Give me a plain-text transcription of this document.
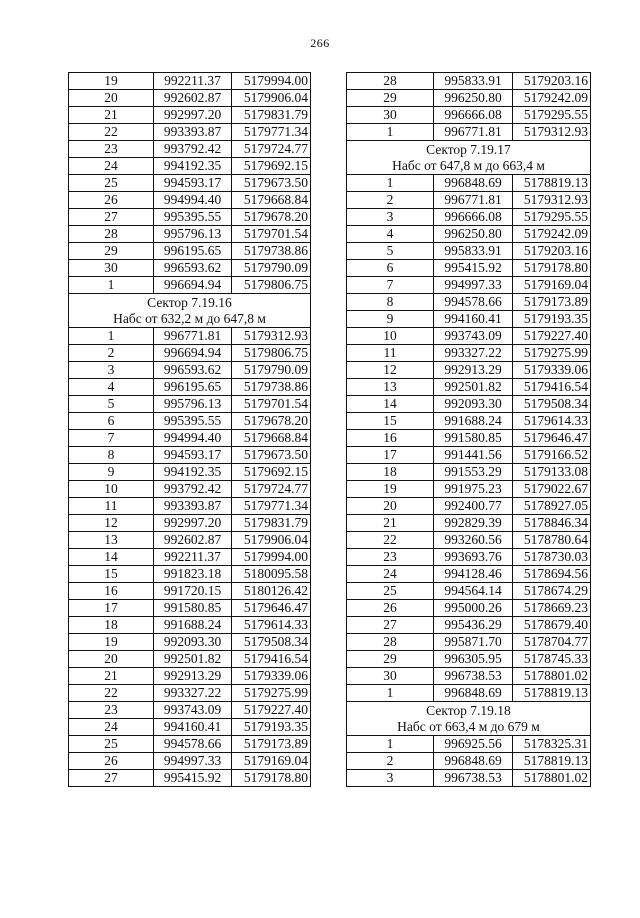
266
19	992211.37	5179994.00
20	992602.87	5179906.04
21	992997.20	5179831.79
22	993393.87	5179771.34
23	993792.42	5179724.77
24	994192.35	5179692.15
25	994593.17	5179673.50
26	994994.40	5179668.84
27	995395.55	5179678.20
28	995796.13	5179701.54
29	996195.65	5179738.86
30	996593.62	5179790.09
1	996694.94	5179806.75

Сектор 7.19.16
Набс от 632,2 м до 647,8 м		

1	996771.81	5179312.93
2	996694.94	5179806.75
3	996593.62	5179790.09
4	996195.65	5179738.86
5	995796.13	5179701.54
6	995395.55	5179678.20
7	994994.40	5179668.84
8	994593.17	5179673.50
9	994192.35	5179692.15
10	993792.42	5179724.77
11	993393.87	5179771.34
12	992997.20	5179831.79
13	992602.87	5179906.04
14	992211.37	5179994.00
15	991823.18	5180095.58
16	991720.15	5180126.42
17	991580.85	5179646.47
18	991688.24	5179614.33
19	992093.30	5179508.34
20	992501.82	5179416.54
21	992913.29	5179339.06
22	993327.22	5179275.99
23	993743.09	5179227.40
24	994160.41	5179193.35
25	994578.66	5179173.89
26	994997.33	5179169.04
27	995415.92	5179178.80
28	995833.91	5179203.16
29	996250.80	5179242.09
30	996666.08	5179295.55
1	996771.81	5179312.93

Сектор 7.19.17
Набс от 647,8 м до 663,4 м		

1	996848.69	5178819.13
2	996771.81	5179312.93
3	996666.08	5179295.55
4	996250.80	5179242.09
5	995833.91	5179203.16
6	995415.92	5179178.80
7	994997.33	5179169.04
8	994578.66	5179173.89
9	994160.41	5179193.35
10	993743.09	5179227.40
11	993327.22	5179275.99
12	992913.29	5179339.06
13	992501.82	5179416.54
14	992093.30	5179508.34
15	991688.24	5179614.33
16	991580.85	5179646.47
17	991441.56	5179166.52
18	991553.29	5179133.08
19	991975.23	5179022.67
20	992400.77	5178927.05
21	992829.39	5178846.34
22	993260.56	5178780.64
23	993693.76	5178730.03
24	994128.46	5178694.56
25	994564.14	5178674.29
26	995000.26	5178669.23
27	995436.29	5178679.40
28	995871.70	5178704.77
29	996305.95	5178745.33
30	996738.53	5178801.02
1	996848.69	5178819.13

Сектор 7.19.18
Набс от 663,4 м до 679 м		

1	996925.56	5178325.31
2	996848.69	5178819.13
3	996738.53	5178801.02
